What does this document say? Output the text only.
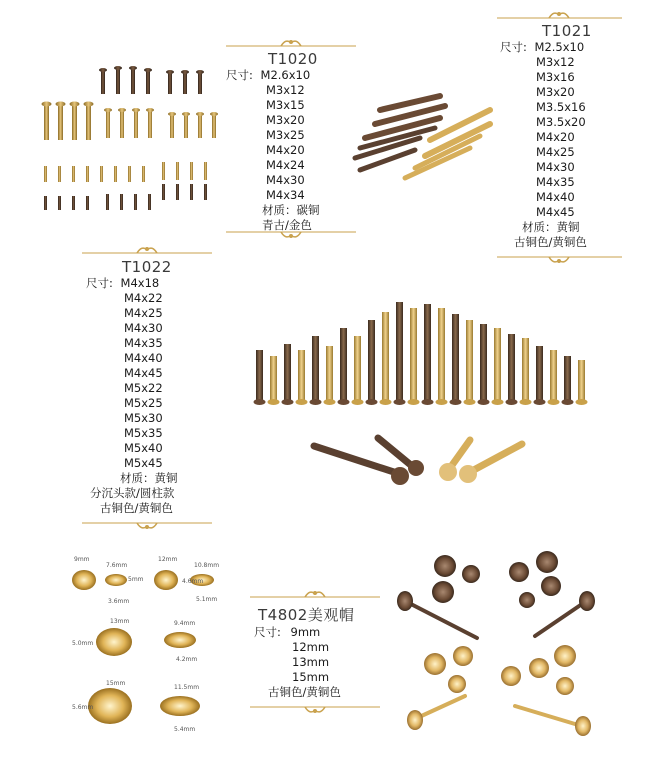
T1020
尺寸: M2.6x10
M3x12
M3x15
M3x20
M3x25
M4x20
M4x24
M4x30
M4x34
材质：碳铜
青古/金色
T1021
尺寸: M2.5x10
M3x12
M3x16
M3x20
M3.5x16
M3.5x20
M4x20
M4x25
M4x30
M4x35
M4x40
M4x45
材质：黄铜
古铜色/黄铜色
T1022
尺寸: M4x18
M4x22
M4x25
M4x30
M4x35
M4x40
M4x45
M5x22
M5x25
M5x30
M5x35
M5x40
M5x45
材质：黄铜
分沉头款/圆柱款
古铜色/黄铜色
T4802美观帽
尺寸: 9mm
12mm
13mm
15mm
古铜色/黄铜色
9mm
7.6mm
5mm
3.6mm
12mm
10.8mm
4.6mm
5.1mm
13mm	9.4mm
5.0mm
4.2mm
15mm
11.5mm
5.6mm
5.4mm
